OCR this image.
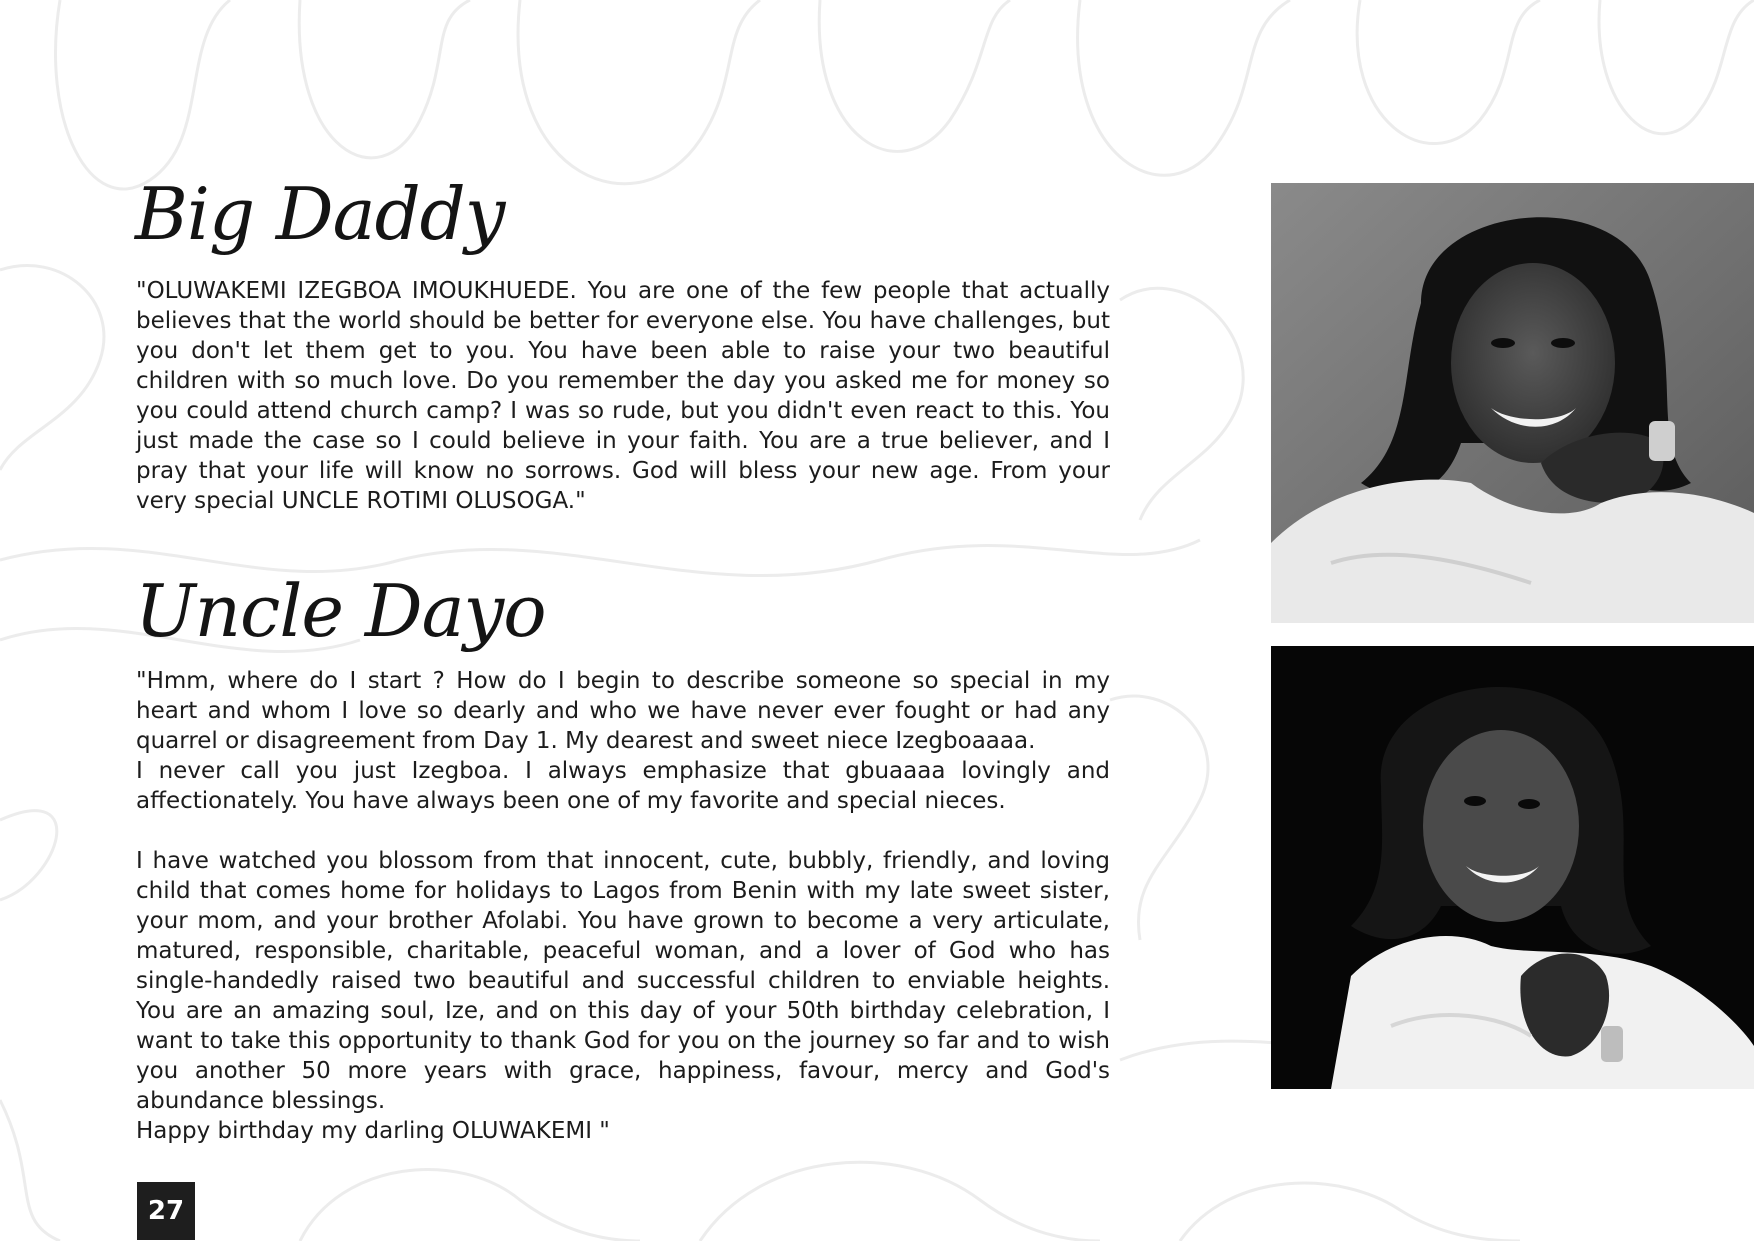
Big Daddy

"OLUWAKEMI IZEGBOA IMOUKHUEDE. You are one of the few people that actually believes that the world should be better for everyone else. You have challenges, but you don't let them get to you. You have been able to raise your two beautiful children with so much love. Do you remember the day you asked me for money so you could attend church camp? I was so rude, but you didn't even react to this. You just made the case so I could believe in your faith. You are a true believer, and I pray that your life will know no sorrows. God will bless your new age. From your very special UNCLE ROTIMI OLUSOGA."

Uncle Dayo

"Hmm, where do I start ? How do I begin to describe someone so special in my heart and whom I love so dearly and who we have never ever fought or had any quarrel or disagreement from Day 1. My dearest and sweet niece Izegboaaaa.

I never call you just Izegboa. I always emphasize that gbuaaaa lovingly and affectionately. You have always been one of my favorite and special nieces.

I have watched you blossom from that innocent, cute, bubbly, friendly, and loving child that comes home for holidays to Lagos from Benin with my late sweet sister, your mom, and your brother Afolabi. You have grown to become a very articulate, matured, responsible, charitable, peaceful woman, and a lover of God who has single-handedly raised two beautiful and successful children to enviable heights. You are an amazing soul, Ize, and on this day of your 50th birthday celebration, I want to take this opportunity to thank God for you on the journey so far and to wish you another 50 more years with grace, happiness, favour, mercy and God's abundance blessings.

Happy birthday my darling OLUWAKEMI "

27
